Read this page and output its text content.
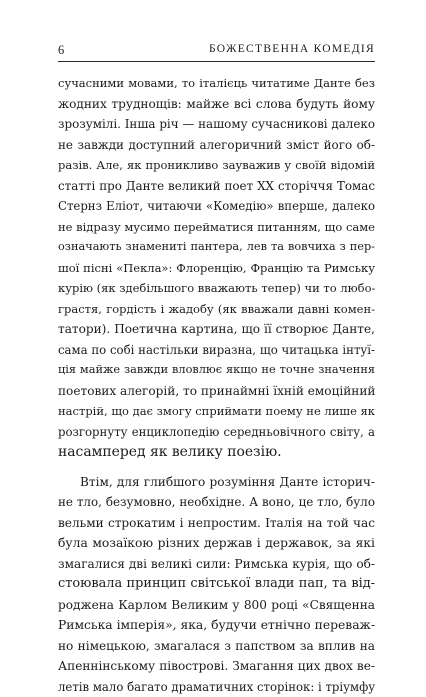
6	БОЖЕСТВЕННА КОМЕДІЯ
сучасними мовами, то італієць читатиме Данте без
жодних труднощів: майже всі слова будуть йому
зрозумілі. Інша річ — нашому сучасникові далеко
не завжди доступний алегоричний зміст його об-
разів. Але, як проникливо зауважив у своїй відомій
статті про Данте великий поет ХХ сторіччя Томас
Стернз Еліот, читаючи «Комедію» вперше, далеко
не відразу мусимо перейматися питанням, що саме
означають знамениті пантера, лев та вовчиха з пер-
шої пісні «Пекла»: Флоренцію, Францію та Римську
курію (як здебільшого вважають тепер) чи то любо-
грастя, гордість і жадобу (як вважали давні комен-
татори). Поетична картина, що її створює Данте,
сама по собі настільки виразна, що читацька інтуї-
ція майже завжди вловлює якщо не точне значення
поетових алегорій, то принаймні їхній емоційний
настрій, що дає змогу сприймати поему не лише як
розгорнуту енциклопедію середньовічного світу, а
насамперед як велику поезію.
Втім, для глибшого розуміння Данте історич-
не тло, безумовно, необхідне. А воно, це тло, було
вельми строкатим і непростим. Італія на той час
була мозаїкою різних держав і державок, за які
змагалися дві великі сили: Римська курія, що об-
стоювала принцип світської влади пап, та від-
роджена Карлом Великим у 800 році «Священна
Римська імперія», яка, будучи етнічно переваж-
но німецькою, змагалася з папством за вплив на
Апеннінському півострові. Змагання цих двох ве-
летів мало багато драматичних сторінок: і тріумфу
